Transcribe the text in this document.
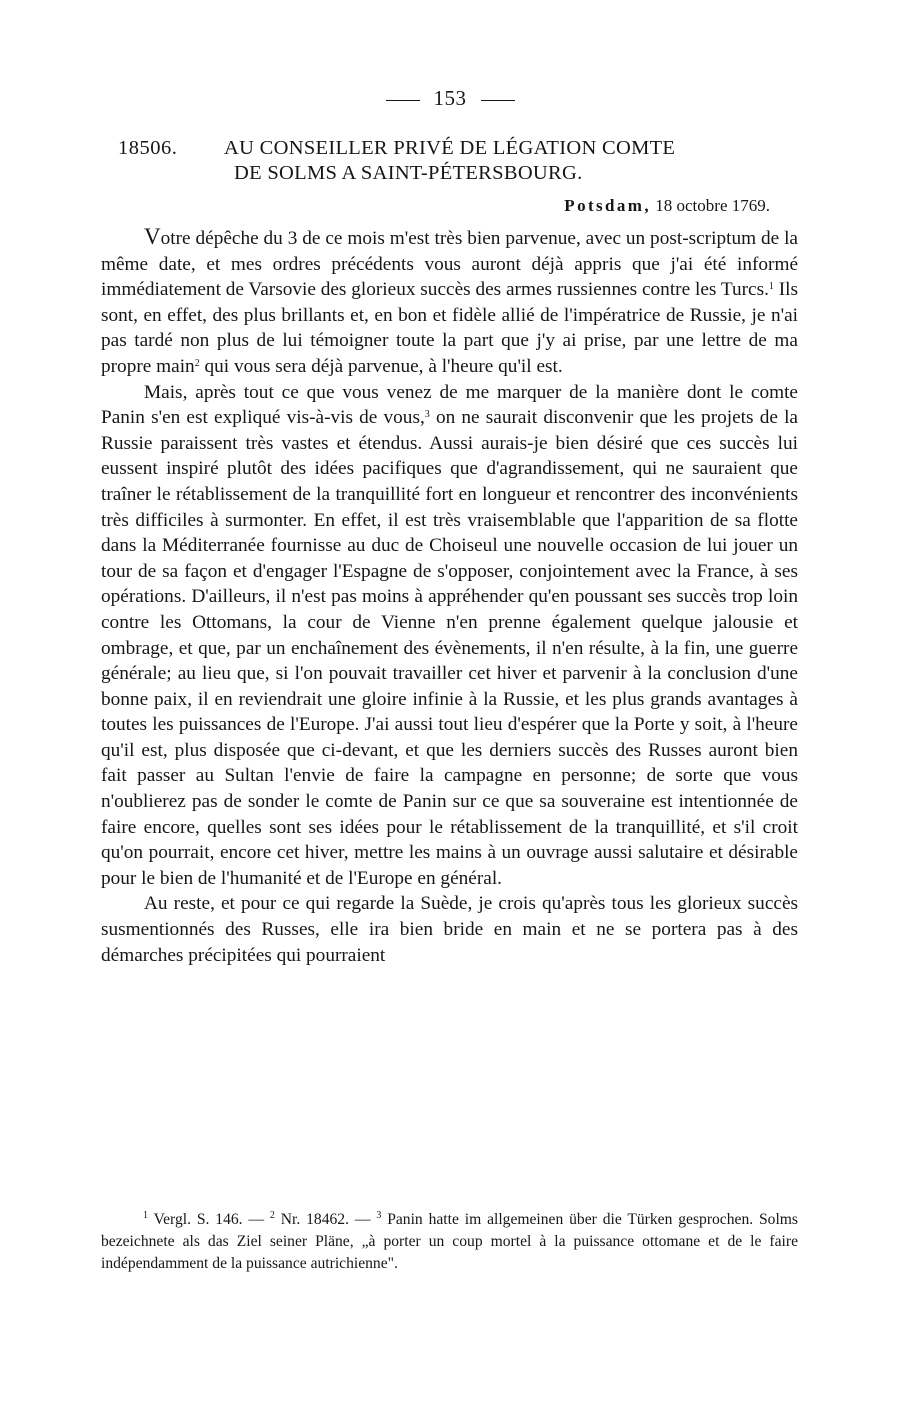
153
18506. AU CONSEILLER PRIVÉ DE LÉGATION COMTE
DE SOLMS A SAINT-PÉTERSBOURG.
Potsdam, 18 octobre 1769.

Votre dépêche du 3 de ce mois m'est très bien parvenue, avec un post-scriptum de la même date, et mes ordres précédents vous auront déjà appris que j'ai été informé immédiatement de Varsovie des glorieux succès des armes russiennes contre les Turcs.$^1$ Ils sont, en effet, des plus brillants et, en bon et fidèle allié de l'impératrice de Russie, je n'ai pas tardé non plus de lui témoigner toute la part que j'y ai prise, par une lettre de ma propre main$^2$ qui vous sera déjà parvenue, à l'heure qu'il est.

Mais, après tout ce que vous venez de me marquer de la manière dont le comte Panin s'en est expliqué vis-à-vis de vous,$^3$ on ne saurait disconvenir que les projets de la Russie paraissent très vastes et étendus. Aussi aurais-je bien désiré que ces succès lui eussent inspiré plutôt des idées pacifiques que d'agrandissement, qui ne sauraient que traîner le rétablissement de la tranquillité fort en longueur et rencontrer des inconvénients très difficiles à surmonter. En effet, il est très vraisemblable que l'apparition de sa flotte dans la Méditerranée fournisse au duc de Choiseul une nouvelle occasion de lui jouer un tour de sa façon et d'engager l'Espagne de s'opposer, conjointement avec la France, à ses opérations. D'ailleurs, il n'est pas moins à appréhender qu'en poussant ses succès trop loin contre les Ottomans, la cour de Vienne n'en prenne également quelque jalousie et ombrage, et que, par un enchaînement des évènements, il n'en résulte, à la fin, une guerre générale; au lieu que, si l'on pouvait travailler cet hiver et parvenir à la conclusion d'une bonne paix, il en reviendrait une gloire infinie à la Russie, et les plus grands avantages à toutes les puissances de l'Europe. J'ai aussi tout lieu d'espérer que la Porte y soit, à l'heure qu'il est, plus disposée que ci-devant, et que les derniers succès des Russes auront bien fait passer au Sultan l'envie de faire la campagne en personne; de sorte que vous n'oublierez pas de sonder le comte de Panin sur ce que sa souveraine est intentionnée de faire encore, quelles sont ses idées pour le rétablissement de la tranquillité, et s'il croit qu'on pourrait, encore cet hiver, mettre les mains à un ouvrage aussi salutaire et désirable pour le bien de l'humanité et de l'Europe en général.

Au reste, et pour ce qui regarde la Suède, je crois qu'après tous les glorieux succès susmentionnés des Russes, elle ira bien bride en main et ne se portera pas à des démarches précipitées qui pourraient

$^1$ Vergl. S. 146. — $^2$ Nr. 18462. — $^3$ Panin hatte im allgemeinen über die Türken gesprochen. Solms bezeichnete als das Ziel seiner Pläne, „à porter un coup mortel à la puissance ottomane et de le faire indépendamment de la puissance autrichienne".
